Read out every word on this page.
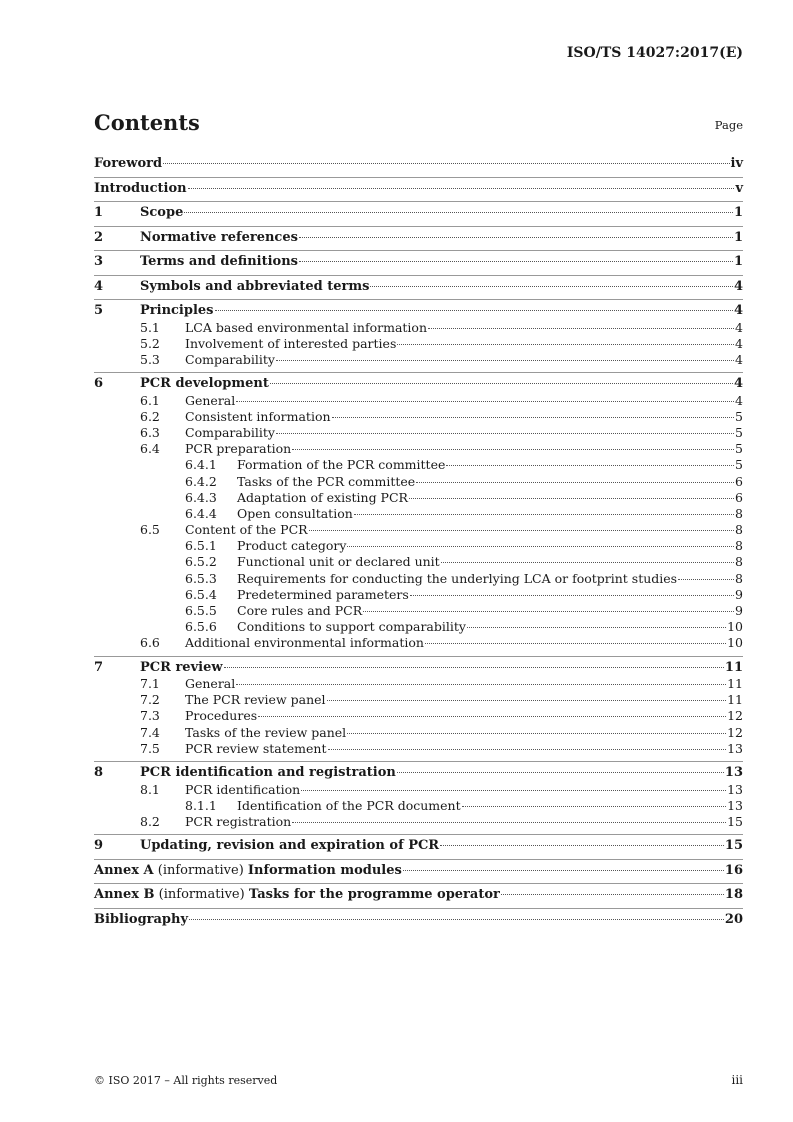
ISO/TS 14027:2017(E)
Contents	Page
Foreword	iv
Introduction	v
1	Scope	1
2	Normative references	1
3	Terms and definitions	1
4	Symbols and abbreviated terms	4
5	Principles	4
5.1	LCA based environmental information	4
5.2	Involvement of interested parties	4
5.3	Comparability	4
6	PCR development	4
6.1	General	4
6.2	Consistent information	5
6.3	Comparability	5
6.4	PCR preparation	5
6.4.1	Formation of the PCR committee	5
6.4.2	Tasks of the PCR committee	6
6.4.3	Adaptation of existing PCR	6
6.4.4	Open consultation	8
6.5	Content of the PCR	8
6.5.1	Product category	8
6.5.2	Functional unit or declared unit	8
6.5.3	Requirements for conducting the underlying LCA or footprint studies	8
6.5.4	Predetermined parameters	9
6.5.5	Core rules and PCR	9
6.5.6	Conditions to support comparability	10
6.6	Additional environmental information	10
7	PCR review	11
7.1	General	11
7.2	The PCR review panel	11
7.3	Procedures	12
7.4	Tasks of the review panel	12
7.5	PCR review statement	13
8	PCR identification and registration	13
8.1	PCR identification	13
8.1.1	Identification of the PCR document	13
8.2	PCR registration	15
9	Updating, revision and expiration of PCR	15
Annex A (informative) Information modules	16
Annex B (informative) Tasks for the programme operator	18
Bibliography	20
© ISO 2017 – All rights reserved	iii
